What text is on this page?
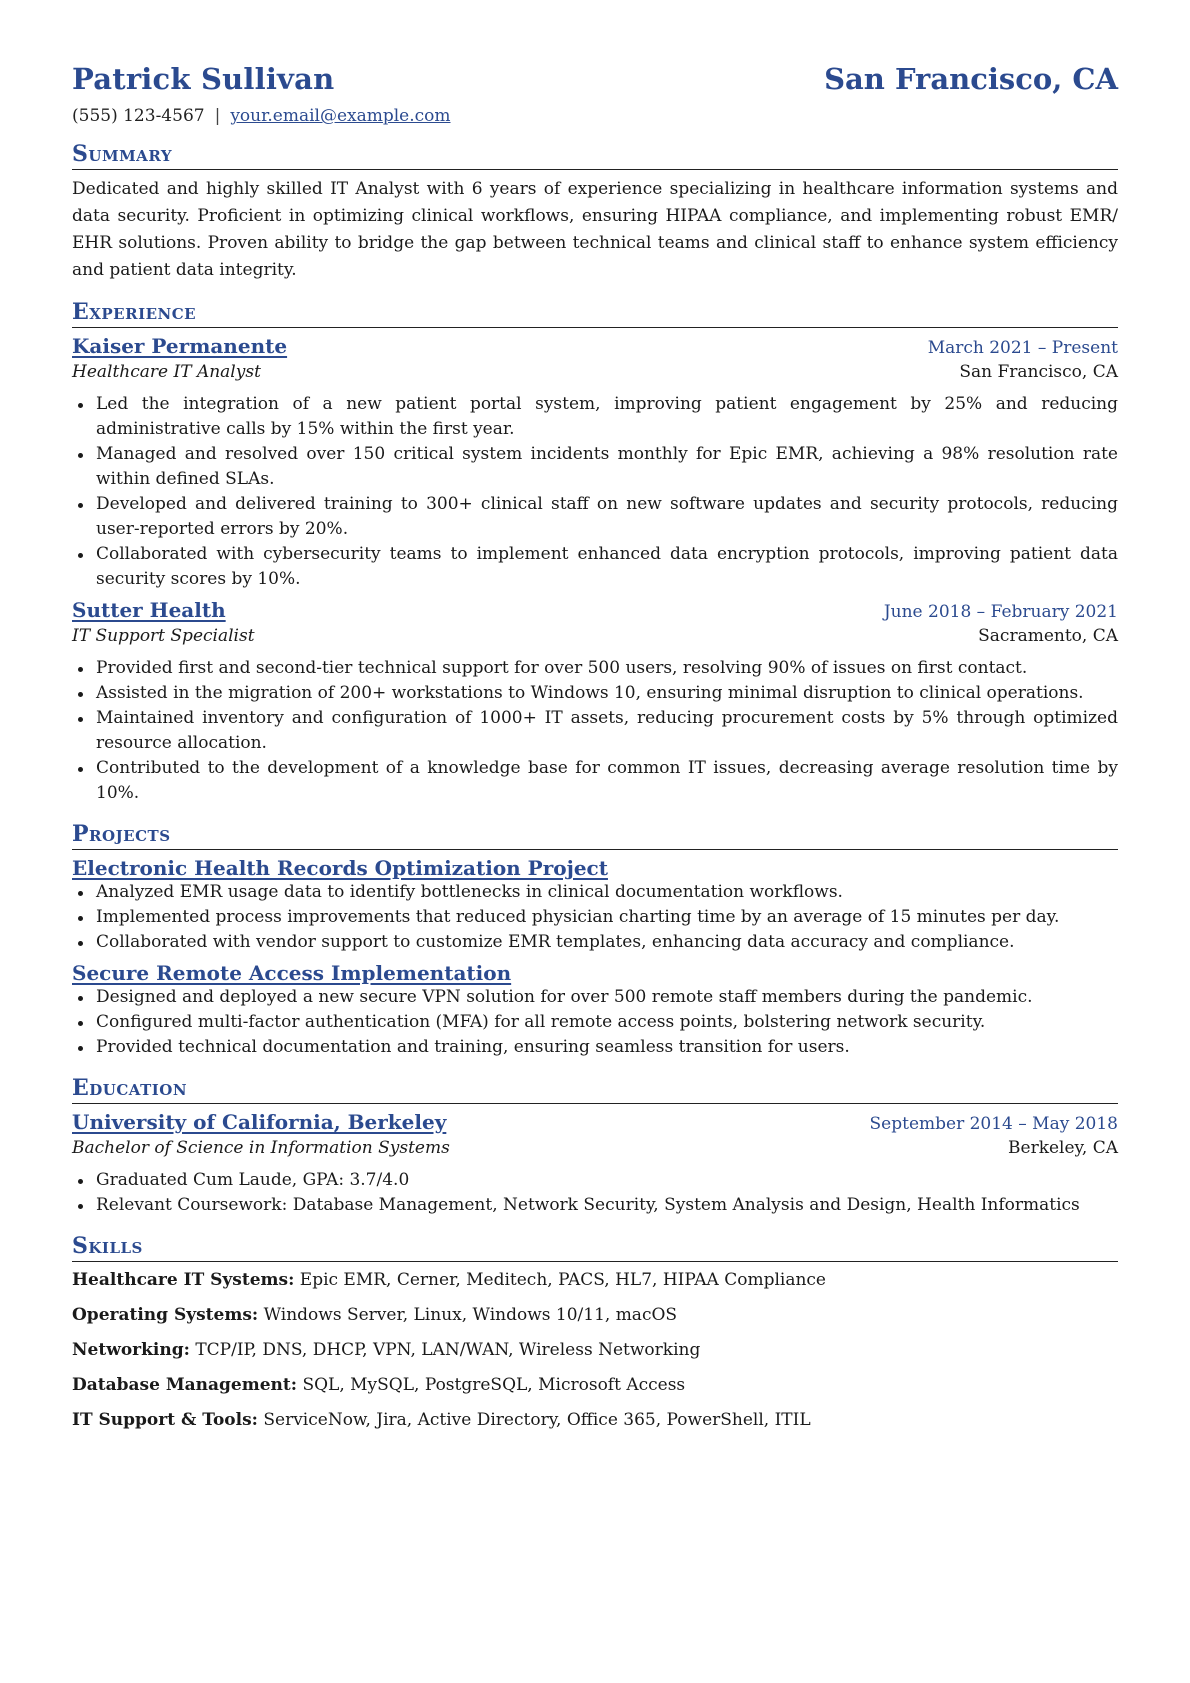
Patrick Sullivan	San Francisco, CA
(555) 123-4567 | your.email@example.com
Summary

Dedicated and highly skilled IT Analyst with 6 years of experience specializing in healthcare information systems and data security. Proficient in optimizing clinical workflows, ensuring HIPAA compliance, and implementing robust EMR/ EHR solutions. Proven ability to bridge the gap between technical teams and clinical staff to enhance system efficiency and patient data integrity.

Experience
Kaiser Permanente	March 2021 – Present
Healthcare IT Analyst	San Francisco, CA
Led the integration of a new patient portal system, improving patient engagement by 25% and reducing administrative calls by 15% within the first year.
Managed and resolved over 150 critical system incidents monthly for Epic EMR, achieving a 98% resolution rate within defined SLAs.
Developed and delivered training to 300+ clinical staff on new software updates and security protocols, reducing user-reported errors by 20%.
Collaborated with cybersecurity teams to implement enhanced data encryption protocols, improving patient data security scores by 10%.
Sutter Health	June 2018 – February 2021
IT Support Specialist	Sacramento, CA
Provided first and second-tier technical support for over 500 users, resolving 90% of issues on first contact.
Assisted in the migration of 200+ workstations to Windows 10, ensuring minimal disruption to clinical operations.
Maintained inventory and configuration of 1000+ IT assets, reducing procurement costs by 5% through optimized resource allocation.
Contributed to the development of a knowledge base for common IT issues, decreasing average resolution time by 10%.
Projects
Electronic Health Records Optimization Project
Analyzed EMR usage data to identify bottlenecks in clinical documentation workflows.
Implemented process improvements that reduced physician charting time by an average of 15 minutes per day.
Collaborated with vendor support to customize EMR templates, enhancing data accuracy and compliance.
Secure Remote Access Implementation
Designed and deployed a new secure VPN solution for over 500 remote staff members during the pandemic.
Configured multi-factor authentication (MFA) for all remote access points, bolstering network security.
Provided technical documentation and training, ensuring seamless transition for users.
Education
University of California, Berkeley	September 2014 – May 2018
Bachelor of Science in Information Systems	Berkeley, CA
Graduated Cum Laude, GPA: 3.7/4.0
Relevant Coursework: Database Management, Network Security, System Analysis and Design, Health Informatics
Skills
Healthcare IT Systems: Epic EMR, Cerner, Meditech, PACS, HL7, HIPAA Compliance
Operating Systems: Windows Server, Linux, Windows 10/11, macOS
Networking: TCP/IP, DNS, DHCP, VPN, LAN/WAN, Wireless Networking
Database Management: SQL, MySQL, PostgreSQL, Microsoft Access
IT Support & Tools: ServiceNow, Jira, Active Directory, Office 365, PowerShell, ITIL
